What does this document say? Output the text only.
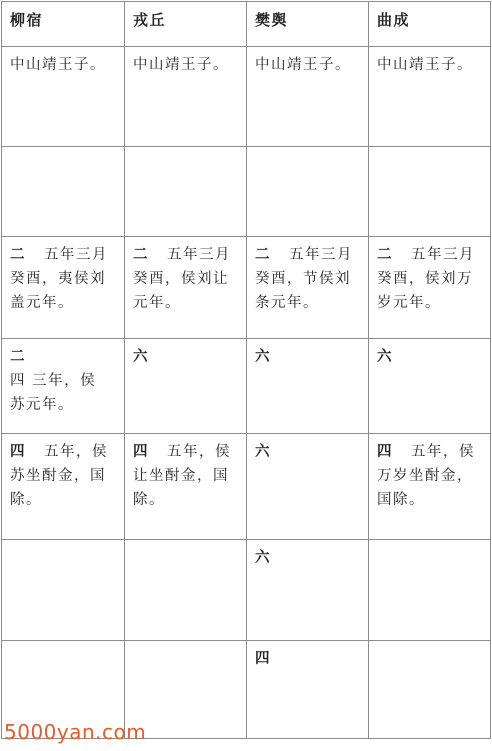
柳宿	戎丘	樊舆	曲成

中山靖王子。	中山靖王子。	中山靖王子。	中山靖王子。

二 五年三月
癸酉，夷侯刘
盖元年。	二 五年三月
癸酉，侯刘让
元年。	二 五年三月
癸酉，节侯刘
条元年。	二 五年三月
癸酉，侯刘万
岁元年。

二
四 三年，侯
苏元年。	六	六	六
四 五年，侯
苏坐酎金，国
除。	四 五年，侯
让坐酎金，国
除。	六	四 五年，侯
万岁坐酎金，
国除。

		六	
		四	
5000yan.com
